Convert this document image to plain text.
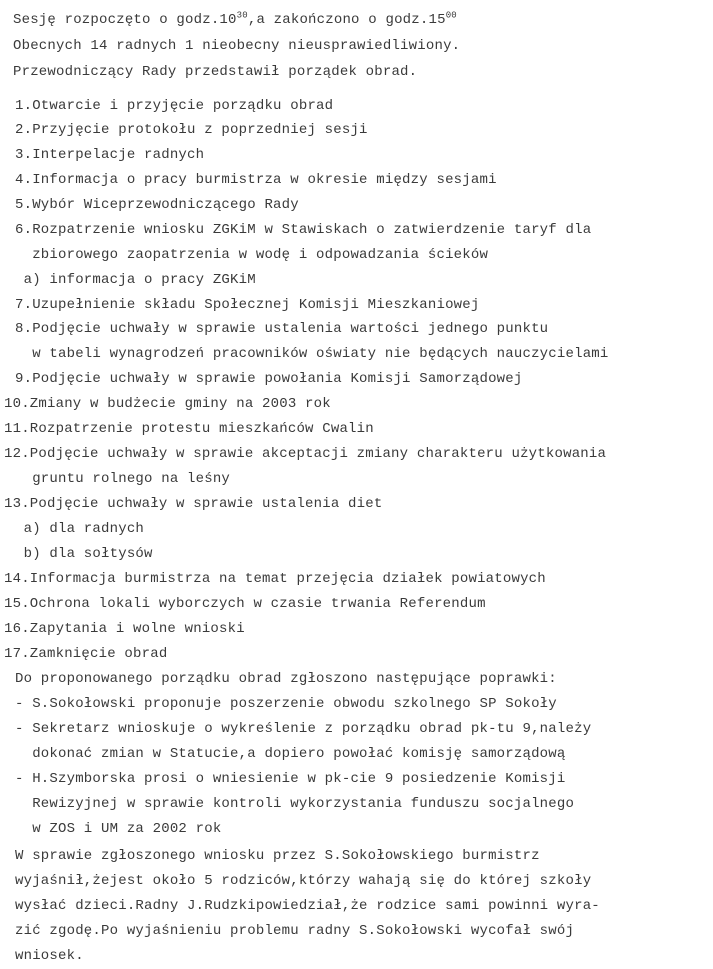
Sesję rozpoczęto o $godz.10^{30},a$ zakończono o $godz.15^{00}$
Obecnych 14 radnych 1 nieobecny nieusprawiedliwiony.
Przewodniczący Rady przedstawił porządek obrad.
1.Otwarcie i przyjęcie porządku obrad
2.Przyjęcie protokołu z poprzedniej sesji
3.Interpelacje radnych
4.Informacja o pracy burmistrza w okresie między sesjami
5.Wybór Wiceprzewodniczącego Rady
6.Rozpatrzenie wniosku ZGKiM w Stawiskach o zatwierdzenie taryf dla
zbiorowego zaopatrzenia w wodę i odpowadzania ścieków
a) informacja o pracy ZGKiM
7.Uzupełnienie składu Społecznej Komisji Mieszkaniowej
8.Podjęcie uchwały w sprawie ustalenia wartości jednego punktu
w tabeli wynagrodzeń pracowników oświaty nie będących nauczycielami
9.Podjęcie uchwały w sprawie powołania Komisji Samorządowej
10.Zmiany w budżecie gminy na 2003 rok
11.Rozpatrzenie protestu mieszkańców Cwalin
12.Podjęcie uchwały w sprawie akceptacji zmiany charakteru użytkowania
gruntu rolnego na leśny
13.Podjęcie uchwały w sprawie ustalenia diet
a) dla radnych
b) dla sołtysów
14.Informacja burmistrza na temat przejęcia działek powiatowych
15.Ochrona lokali wyborczych w czasie trwania Referendum
16.Zapytania i wolne wnioski
17.Zamknięcie obrad
Do proponowanego porządku obrad zgłoszono następujące poprawki:
- S.Sokołowski proponuje poszerzenie obwodu szkolnego SP Sokoły
- Sekretarz wnioskuje o wykreślenie z porządku obrad pk-tu 9,należy
dokonać zmian w Statucie,a dopiero powołać komisję samorządową
- H.Szymborska prosi o wniesienie w pk-cie 9 posiedzenie Komisji
Rewizyjnej w sprawie kontroli wykorzystania funduszu socjalnego
w ZOS i UM za 2002 rok
W sprawie zgłoszonego wniosku przez S.Sokołowskiego burmistrz
wyjaśnił,żejest około 5 rodziców,którzy wahają się do której szkoły
wysłać dzieci.Radny J.Rudzkipowiedział,że rodzice sami powinni wyra-
zić zgodę.Po wyjaśnieniu problemu radny S.Sokołowski wycofał swój
wniosek.
